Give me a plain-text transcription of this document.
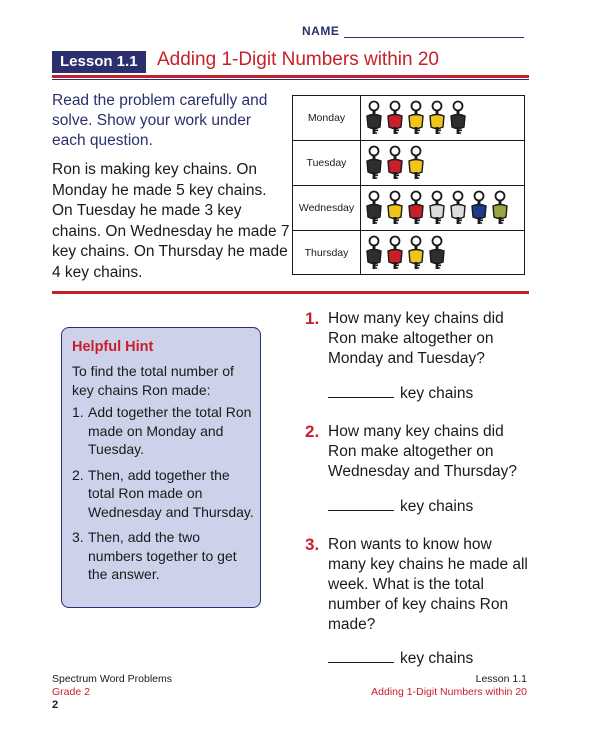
NAME
Lesson 1.1	Adding 1-Digit Numbers within 20
Read the problem carefully and solve. Show your work under each question.
Ron is making key chains. On Monday he made 5 key chains. On Tuesday he made 3 key chains. On Wednesday he made 7 key chains. On Thursday he made 4 key chains.
Monday
Tuesday
Wednesday
Thursday
Helpful Hint
To find the total number of key chains Ron made:
1. Add together the total Ron made on Monday and Tuesday.
2. Then, add together the total Ron made on Wednesday and Thursday.
3. Then, add the two numbers together to get the answer.
1. How many key chains did Ron make altogether on Monday and Tuesday?
key chains
2. How many key chains did Ron make altogether on Wednesday and Thursday?
key chains
3. Ron wants to know how many key chains he made all week. What is the total number of key chains Ron made?
key chains
Spectrum Word Problems
Grade 2
2
Lesson 1.1
Adding 1-Digit Numbers within 20
